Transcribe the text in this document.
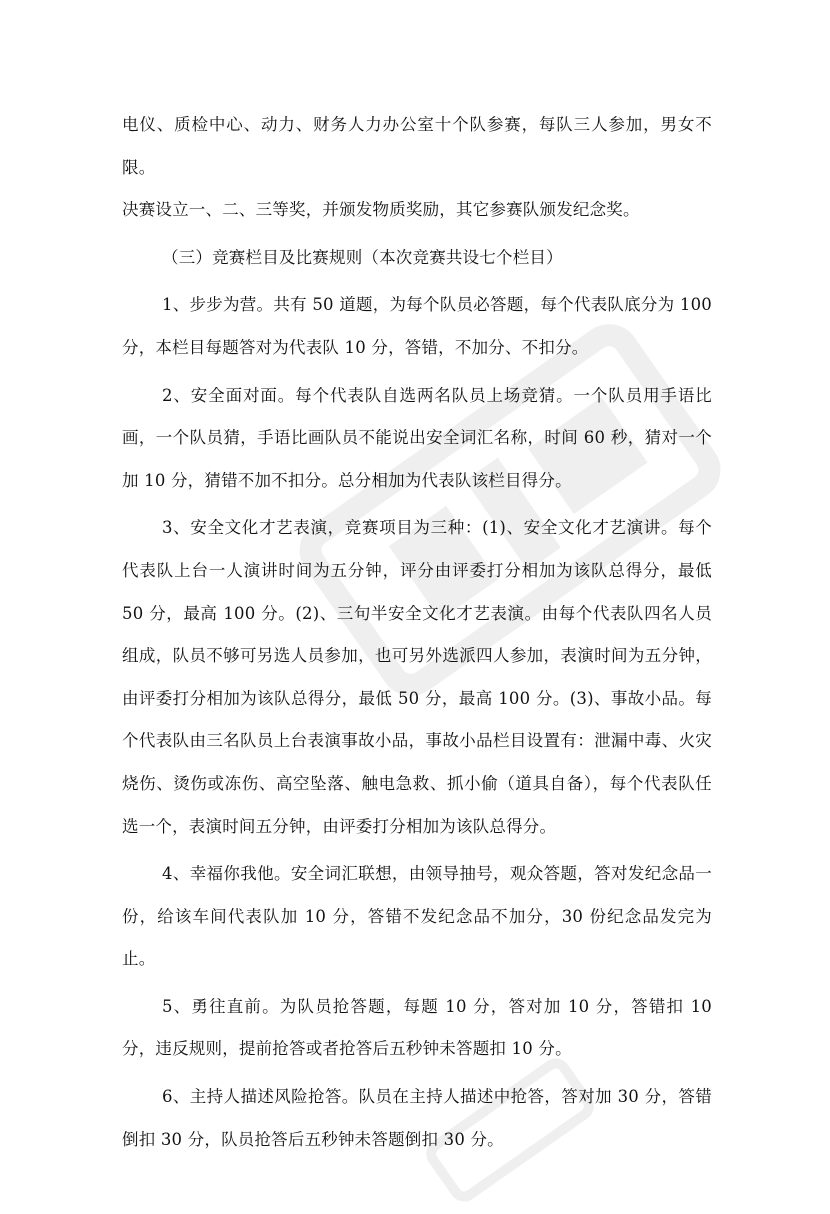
电仪、质检中心、动力、财务人力办公室十个队参赛，每队三人参加，男女不限。

决赛设立一、二、三等奖，并颁发物质奖励，其它参赛队颁发纪念奖。

（三）竞赛栏目及比赛规则（本次竞赛共设七个栏目）

1、步步为营。共有 50 道题，为每个队员必答题，每个代表队底分为 100 分，本栏目每题答对为代表队 10 分，答错，不加分、不扣分。

2、安全面对面。每个代表队自选两名队员上场竞猜。一个队员用手语比画，一个队员猜，手语比画队员不能说出安全词汇名称，时间 60 秒，猜对一个加 10 分，猜错不加不扣分。总分相加为代表队该栏目得分。

3、安全文化才艺表演，竞赛项目为三种：(1)、安全文化才艺演讲。每个代表队上台一人演讲时间为五分钟，评分由评委打分相加为该队总得分，最低 50 分，最高 100 分。(2)、三句半安全文化才艺表演。由每个代表队四名人员组成，队员不够可另选人员参加，也可另外选派四人参加，表演时间为五分钟，由评委打分相加为该队总得分，最低 50 分，最高 100 分。(3)、事故小品。每个代表队由三名队员上台表演事故小品，事故小品栏目设置有：泄漏中毒、火灾烧伤、烫伤或冻伤、高空坠落、触电急救、抓小偷（道具自备），每个代表队任选一个，表演时间五分钟，由评委打分相加为该队总得分。

4、幸福你我他。安全词汇联想，由领导抽号，观众答题，答对发纪念品一份，给该车间代表队加 10 分，答错不发纪念品不加分，30 份纪念品发完为止。

5、勇往直前。为队员抢答题，每题 10 分，答对加 10 分，答错扣 10 分，违反规则，提前抢答或者抢答后五秒钟未答题扣 10 分。

6、主持人描述风险抢答。队员在主持人描述中抢答，答对加 30 分，答错倒扣 30 分，队员抢答后五秒钟未答题倒扣 30 分。
